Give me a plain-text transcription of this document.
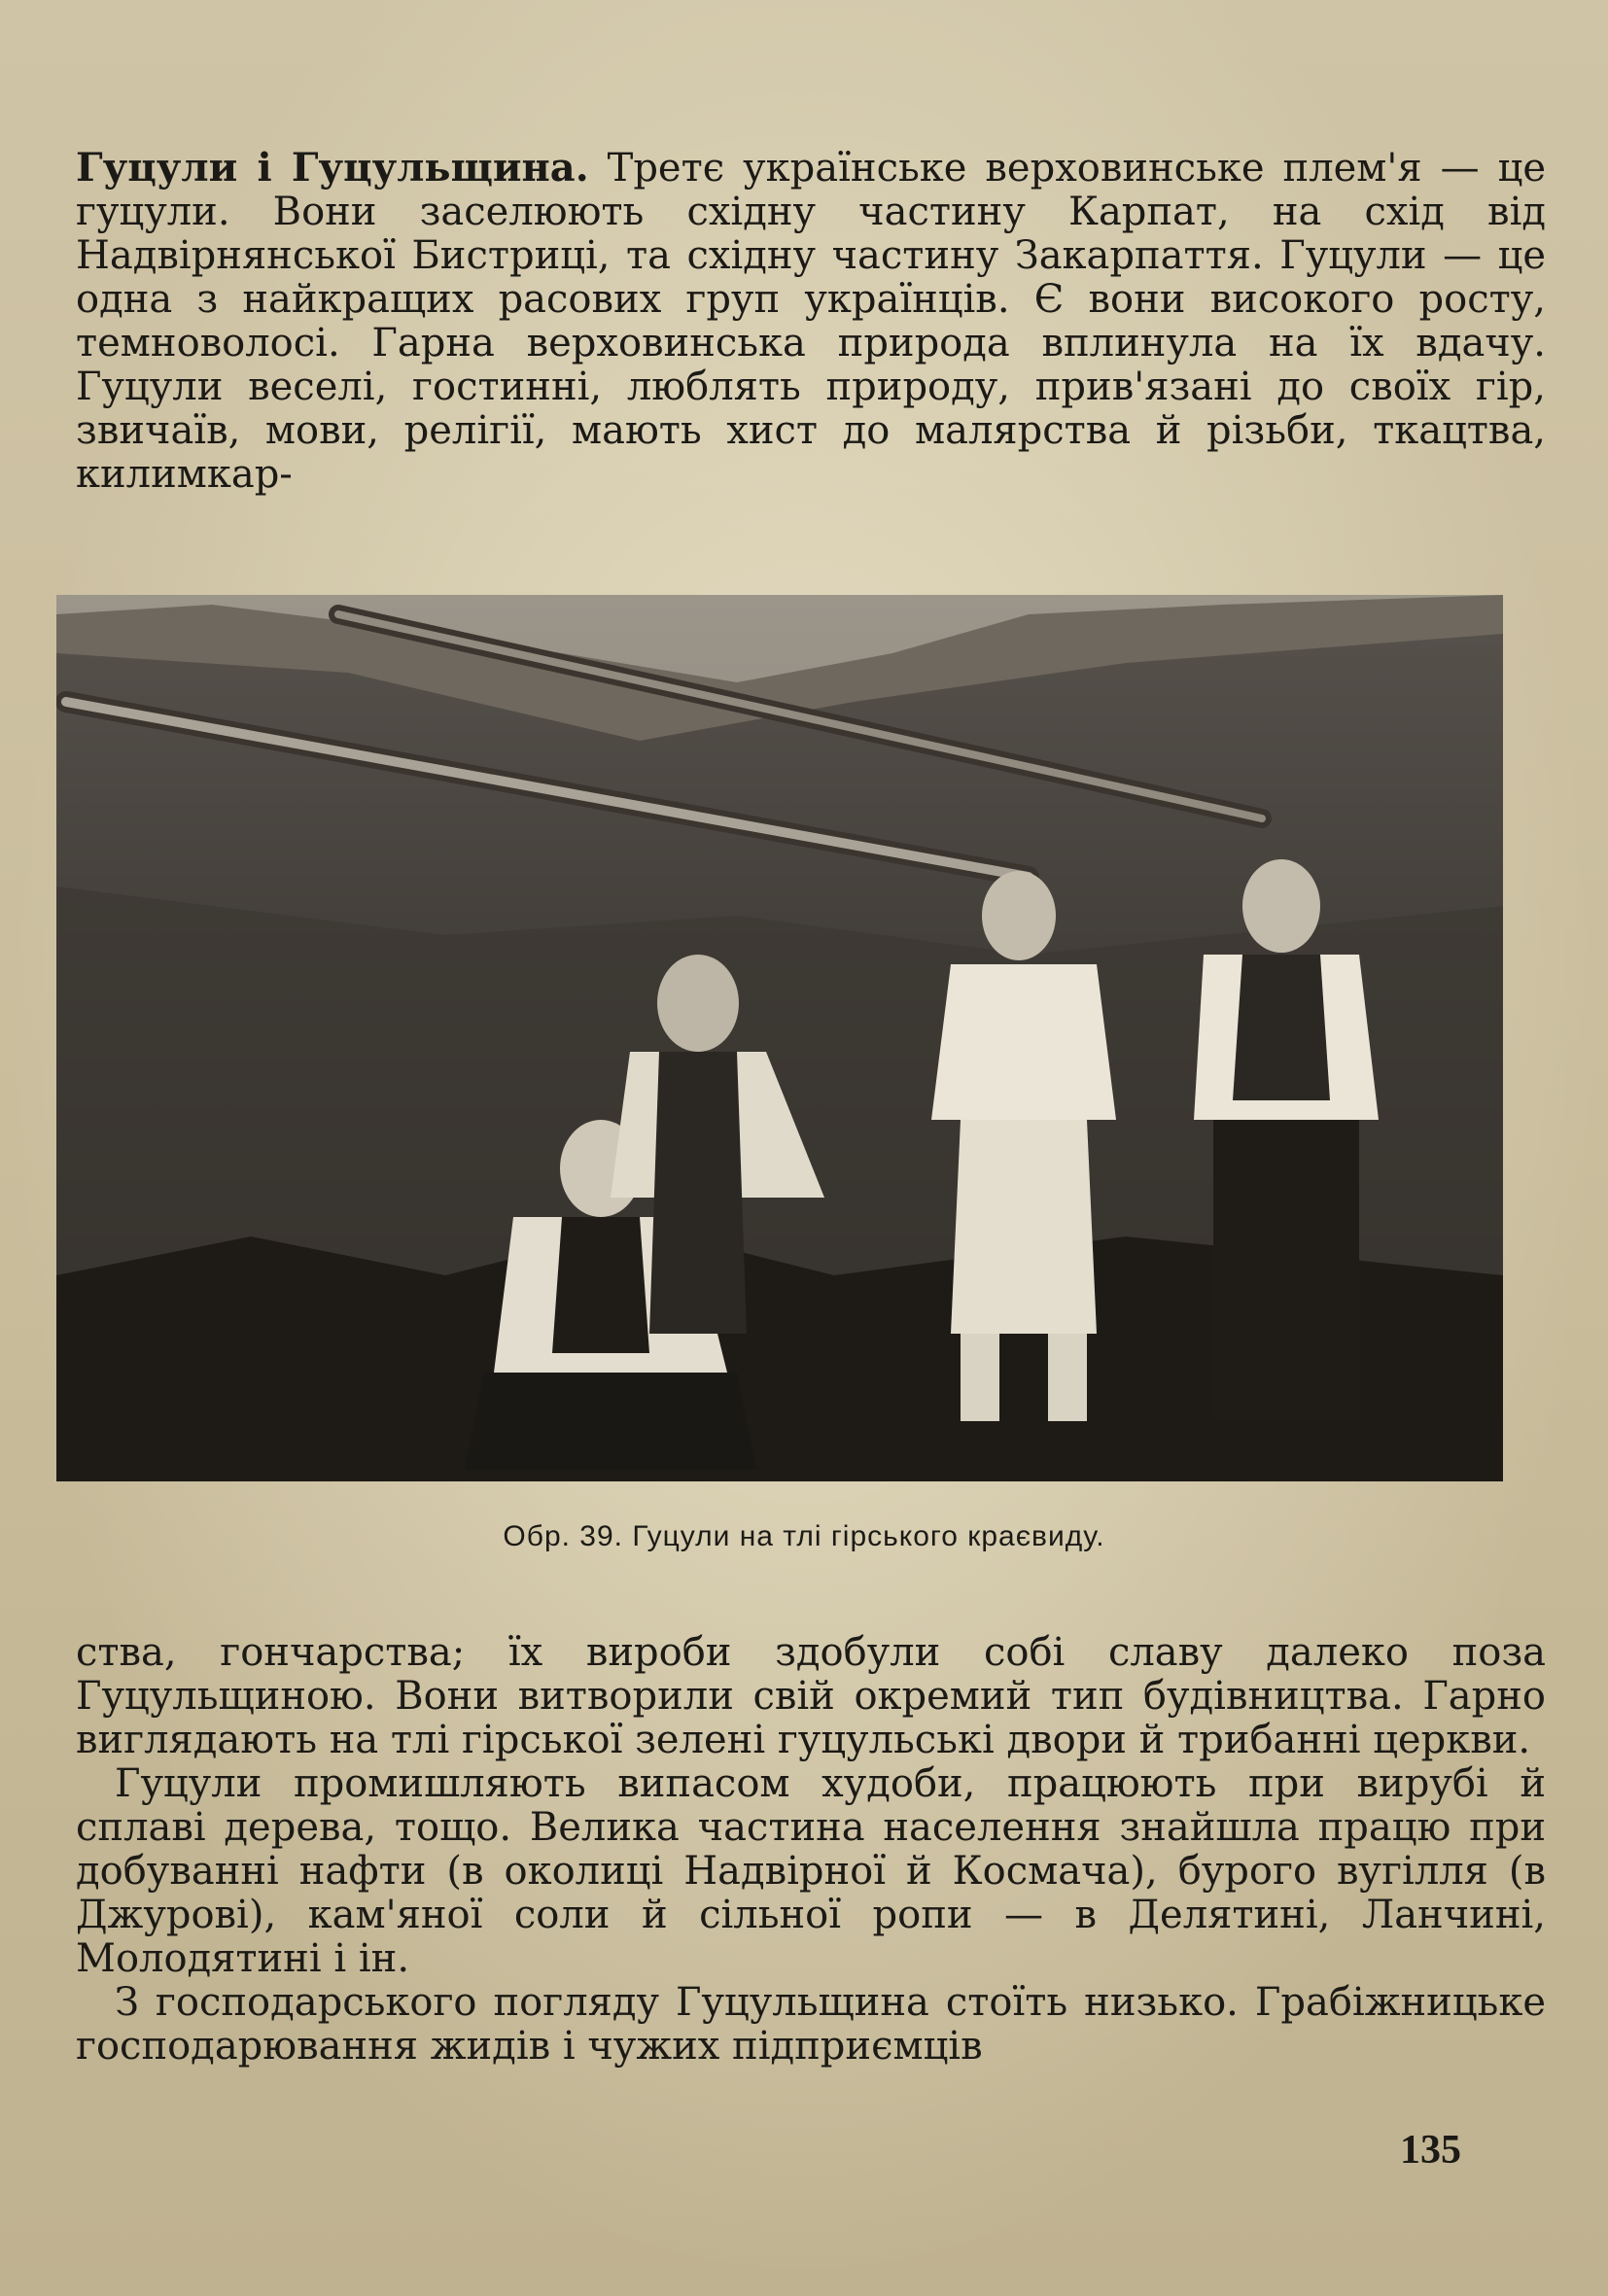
Гуцули і Гуцульщина. Третє українське верховинське плем'я — це гуцули. Вони заселюють східну частину Карпат, на схід від Надвірнянської Бистриці, та східну частину Закарпаття. Гуцули — це одна з найкращих расових груп українців. Є вони високого росту, темноволосі. Гарна верховинська природа вплинула на їх вдачу. Гуцули веселі, гостинні, люблять природу, прив'язані до своїх гір, звичаїв, мови, релігії, мають хист до малярства й різьби, ткацтва, килимкар-

Обр. 39. Гуцули на тлі гірського краєвиду.

ства, гончарства; їх вироби здобули собі славу далеко поза Гуцульщиною. Вони витворили свій окремий тип будівництва. Гарно виглядають на тлі гірської зелені гуцульські двори й трибанні церкви.

Гуцули промишляють випасом худоби, працюють при вирубі й сплаві дерева, тощо. Велика частина населення знайшла працю при добуванні нафти (в околиці Надвірної й Космача), бурого вугілля (в Джурові), кам'яної соли й сільної ропи — в Делятині, Ланчині, Молодятині і ін.

З господарського погляду Гуцульщина стоїть низько. Грабіжницьке господарювання жидів і чужих підприємців

135
